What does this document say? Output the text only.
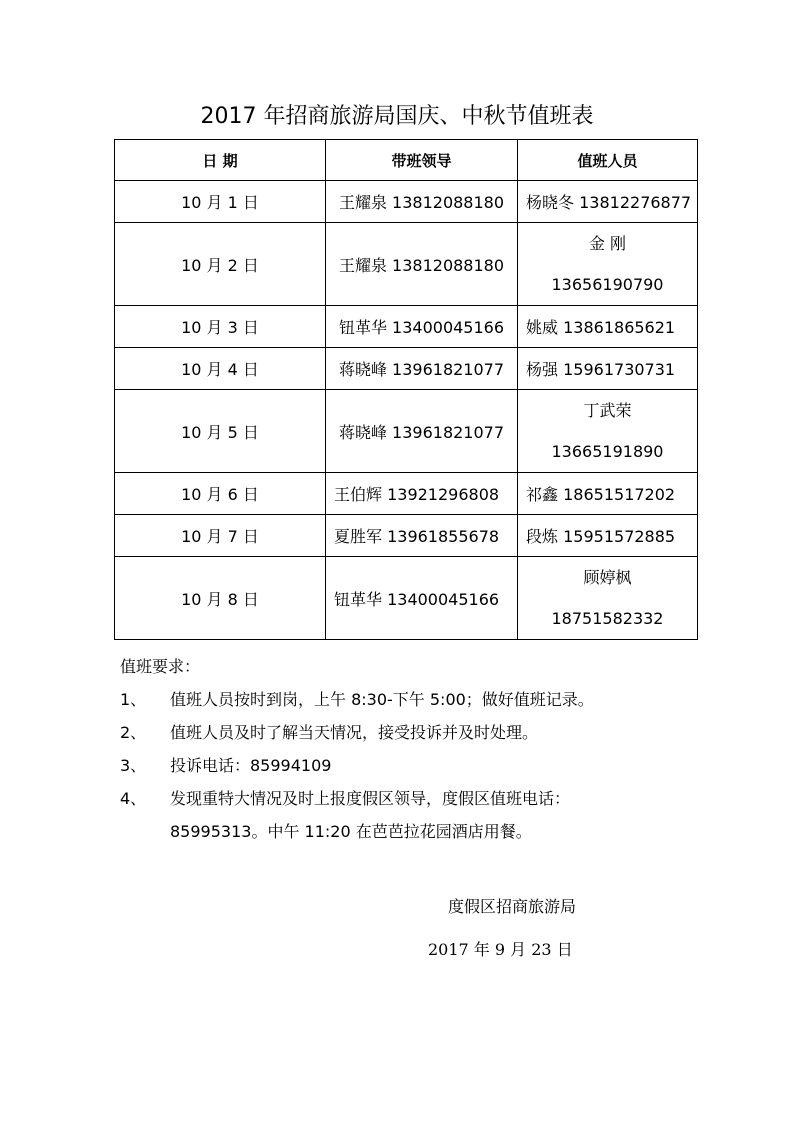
2017 年招商旅游局国庆、中秋节值班表
日 期	带班领导	值班人员
10 月 1 日	王耀泉 13812088180	杨晓冬 13812276877
10 月 2 日	王耀泉 13812088180	金 刚
13656190790

10 月 3 日	钮革华 13400045166	姚威 13861865621
10 月 4 日	蒋晓峰 13961821077	杨强 15961730731
10 月 5 日	蒋晓峰 13961821077	丁武荣
13665191890

10 月 6 日	王伯辉 13921296808	祁鑫 18651517202
10 月 7 日	夏胜军 13961855678	段炼 15951572885
10 月 8 日	钮革华 13400045166	顾婷枫
18751582332
值班要求：
1、 值班人员按时到岗，上午 8:30-下午 5:00；做好值班记录。
2、 值班人员及时了解当天情况，接受投诉并及时处理。
3、 投诉电话：85994109
4、 发现重特大情况及时上报度假区领导，度假区值班电话：
85995313。中午 11:20 在芭芭拉花园酒店用餐。
度假区招商旅游局
2017 年 9 月 23 日
